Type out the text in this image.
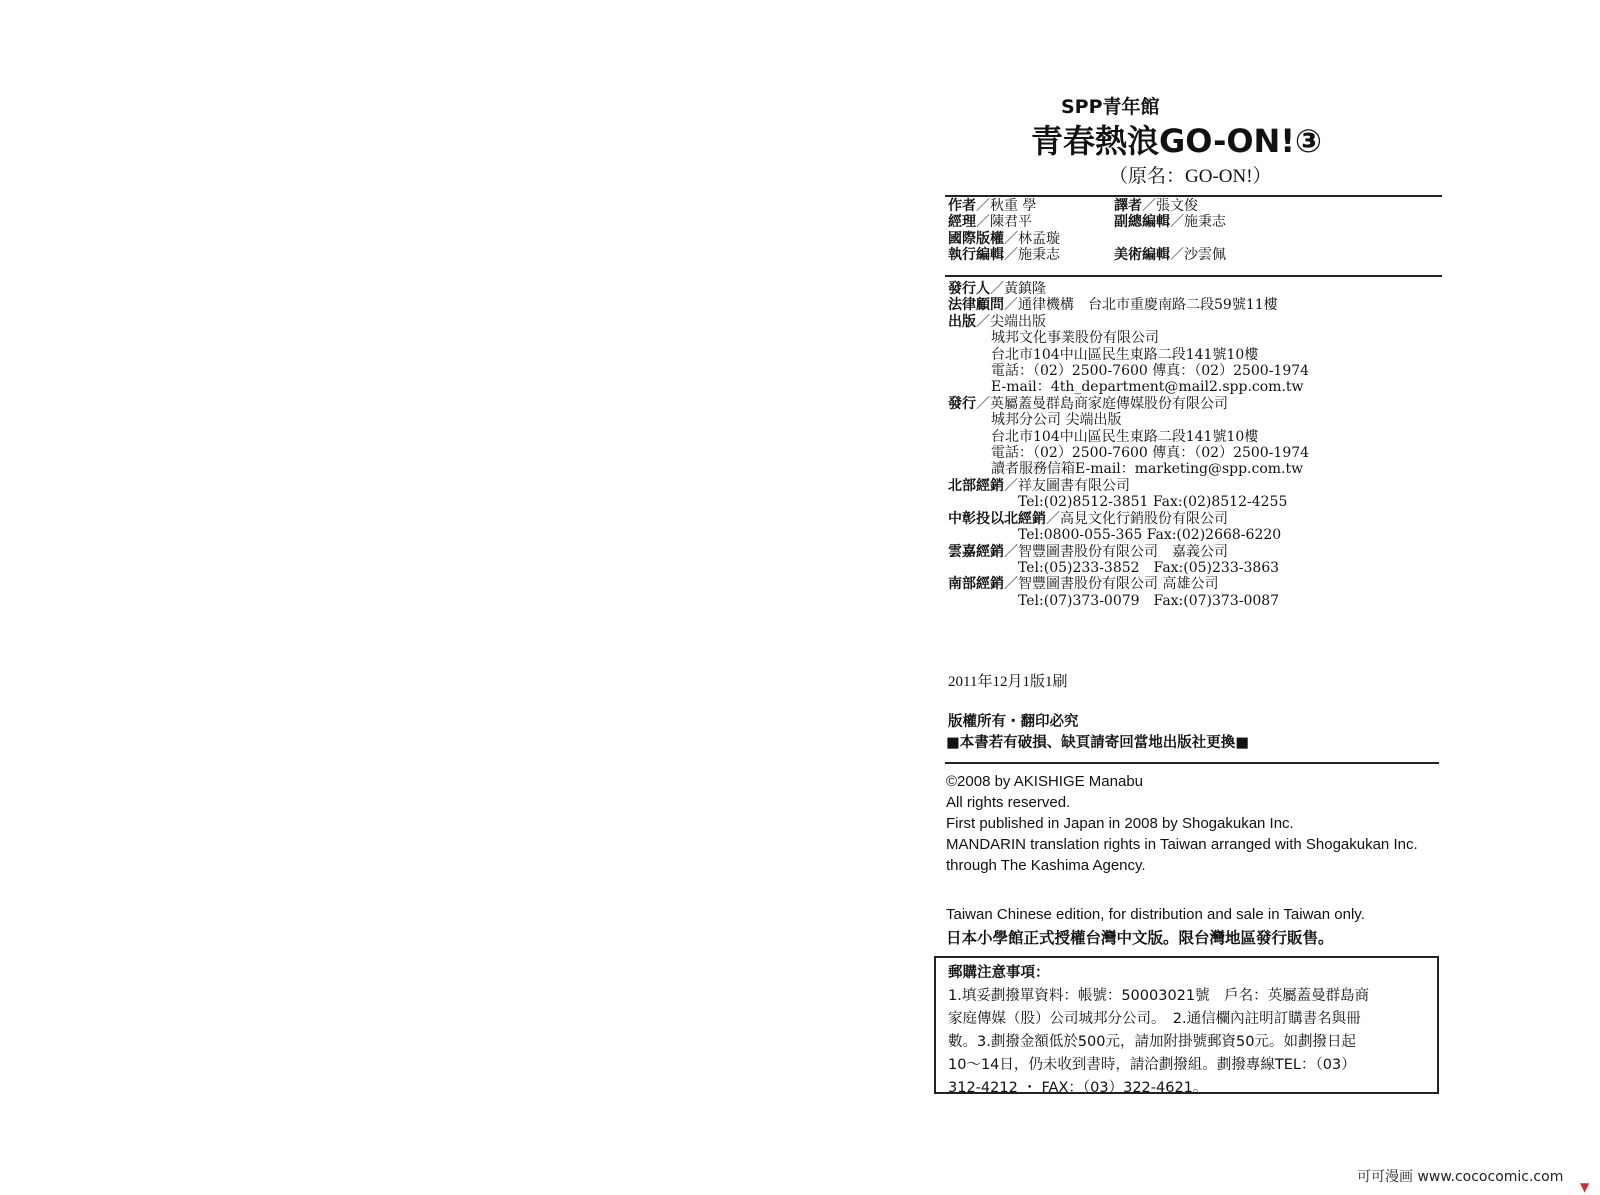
SPP青年館
青春熱浪GO-ON!③
（原名：GO-ON!）
作者／秋重 學
經理／陳君平
國際版權／林孟璇
執行編輯／施秉志
譯者／張文俊
副總編輯／施秉志
美術編輯／沙雲佩
發行人／黃鎮隆
法律顧問／通律機構　台北市重慶南路二段59號11樓
出版／尖端出版
城邦文化事業股份有限公司
台北市104中山區民生東路二段141號10樓
電話：（02）2500-7600 傳真：（02）2500-1974
E-mail：4th_department@mail2.spp.com.tw
發行／英屬蓋曼群島商家庭傳媒股份有限公司
城邦分公司 尖端出版
台北市104中山區民生東路二段141號10樓
電話：（02）2500-7600 傳真：（02）2500-1974
讀者服務信箱E-mail：marketing@spp.com.tw
北部經銷／祥友圖書有限公司
Tel:(02)8512-3851 Fax:(02)8512-4255
中彰投以北經銷／高見文化行銷股份有限公司
Tel:0800-055-365 Fax:(02)2668-6220
雲嘉經銷／智豐圖書股份有限公司　嘉義公司
Tel:(05)233-3852　Fax:(05)233-3863
南部經銷／智豐圖書股份有限公司 高雄公司
Tel:(07)373-0079　Fax:(07)373-0087
2011年12月1版1刷
版權所有・翻印必究
■本書若有破損、缺頁請寄回當地出版社更換■
©2008 by AKISHIGE Manabu
All rights reserved.
First published in Japan in 2008 by Shogakukan Inc.
MANDARIN translation rights in Taiwan arranged with Shogakukan Inc.
through The Kashima Agency.
Taiwan Chinese edition, for distribution and sale in Taiwan only.
日本小學館正式授權台灣中文版。限台灣地區發行販售。
郵購注意事項：
1.填妥劃撥單資料：帳號：50003021號　戶名：英屬蓋曼群島商
家庭傳媒（股）公司城邦分公司。　2.通信欄內註明訂購書名與冊
數。3.劃撥金額低於500元，請加附掛號郵資50元。如劃撥日起
10～14日，仍未收到書時，請洽劃撥組。劃撥專線TEL：（03）
312-4212 ・ FAX：（03）322-4621。
可可漫画 www.cococomic.com
▼
